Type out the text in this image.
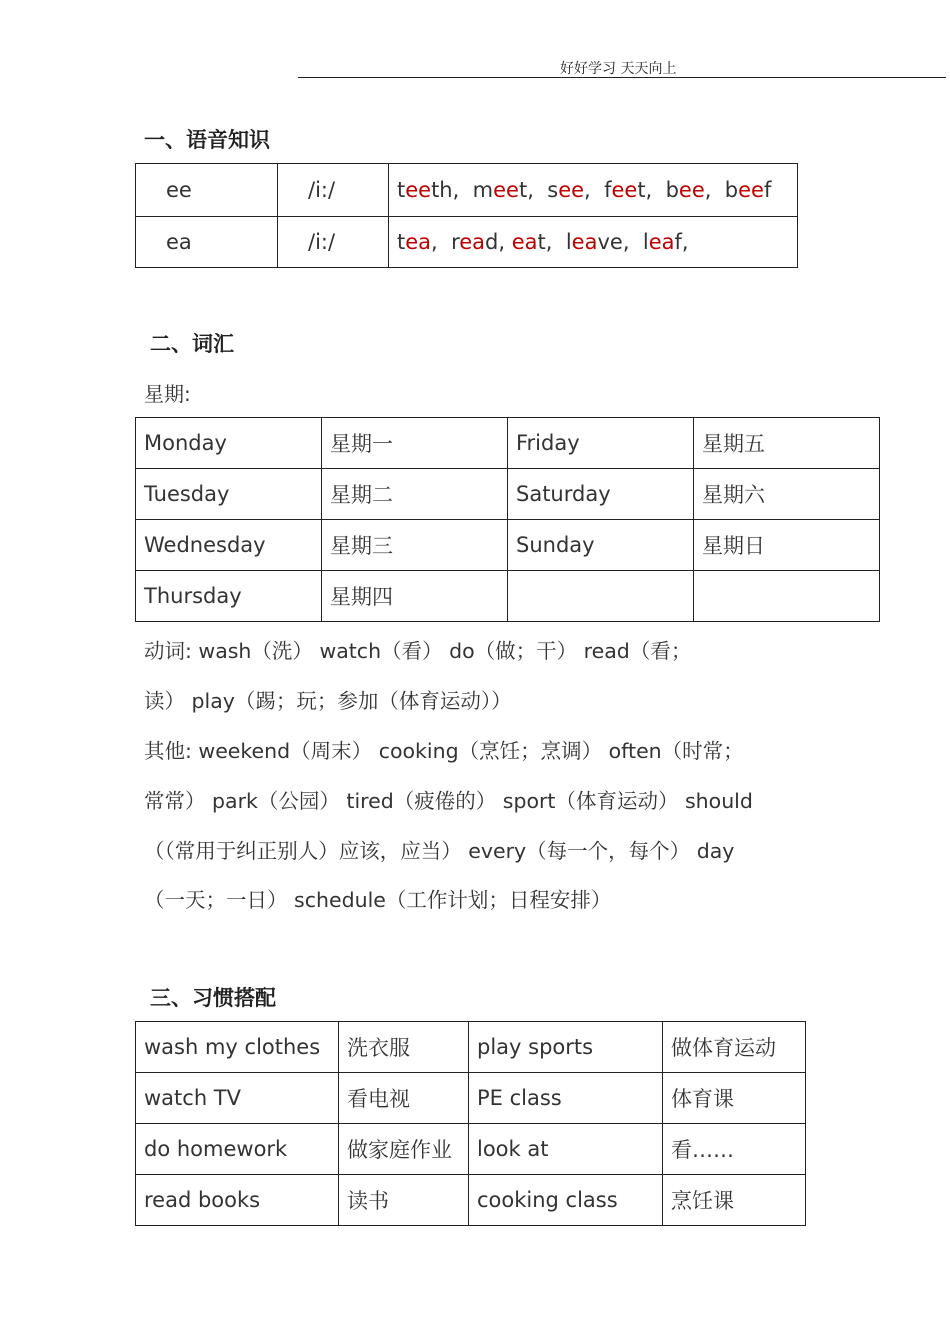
好好学习 天天向上
一、语音知识
ee	/i:/	teeth,  meet,  see,  feet,  bee,  beef
ea	/i:/	tea,  read, eat,  leave,  leaf,
二、词汇
星期:
Monday	星期一	Friday	星期五
Tuesday	星期二	Saturday	星期六
Wednesday	星期三	Sunday	星期日
Thursday	星期四		
动词: wash（洗） watch（看） do（做；干） read（看；
读） play（踢；玩；参加（体育运动））
其他: weekend（周末） cooking（烹饪；烹调） often（时常；
常常） park（公园） tired（疲倦的） sport（体育运动） should
（（常用于纠正别人）应该，应当） every（每一个，每个） day
（一天；一日） schedule（工作计划；日程安排）
三、习惯搭配
wash my clothes	洗衣服	play sports	做体育运动
watch TV	看电视	PE class	体育课
do homework	做家庭作业	look at	看……
read books	读书	cooking class	烹饪课
